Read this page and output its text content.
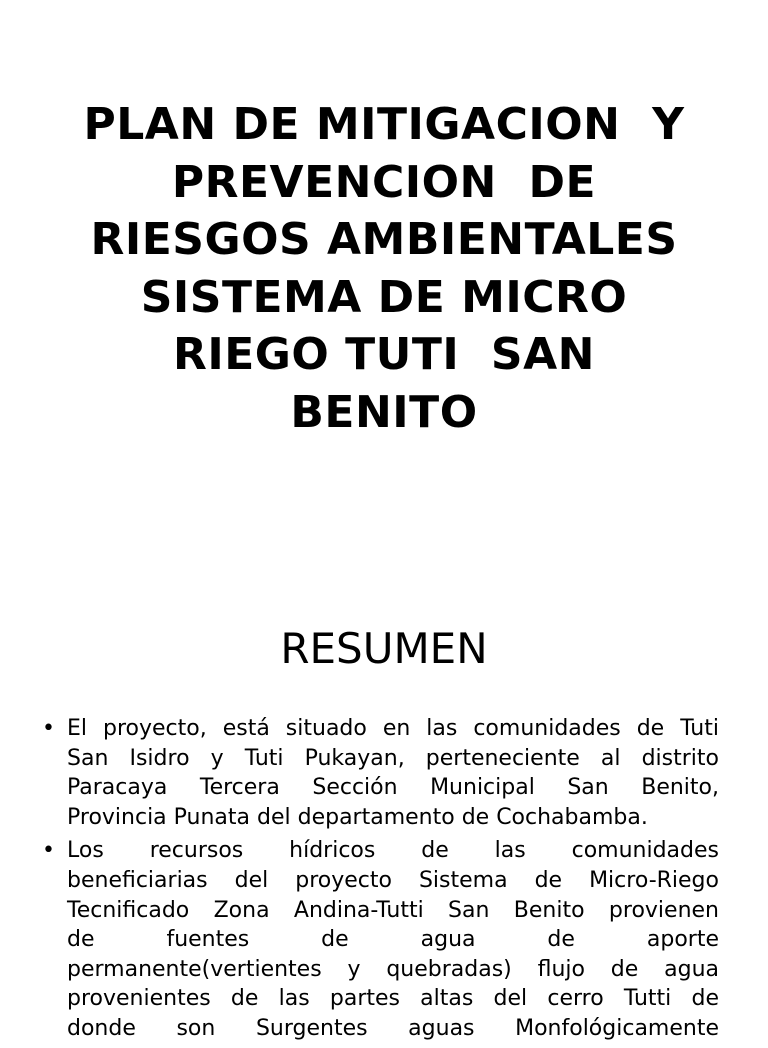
PLAN DE MITIGACION  Y
PREVENCION  DE
RIESGOS AMBIENTALES
SISTEMA DE MICRO
RIEGO TUTI  SAN
BENITO
RESUMEN
• El proyecto, está situado en las comunidades de Tuti
San Isidro y Tuti Pukayan, perteneciente al distrito
Paracaya Tercera Sección Municipal San Benito,
Provincia Punata del departamento de Cochabamba.
• Los recursos hídricos de las comunidades
beneficiarias del proyecto Sistema de Micro-Riego
Tecnificado Zona Andina-Tutti San Benito provienen
de fuentes de agua de aporte
permanente(vertientes y quebradas) flujo de agua
provenientes de las partes altas del cerro Tutti de
donde son Surgentes aguas Monfológicamente
